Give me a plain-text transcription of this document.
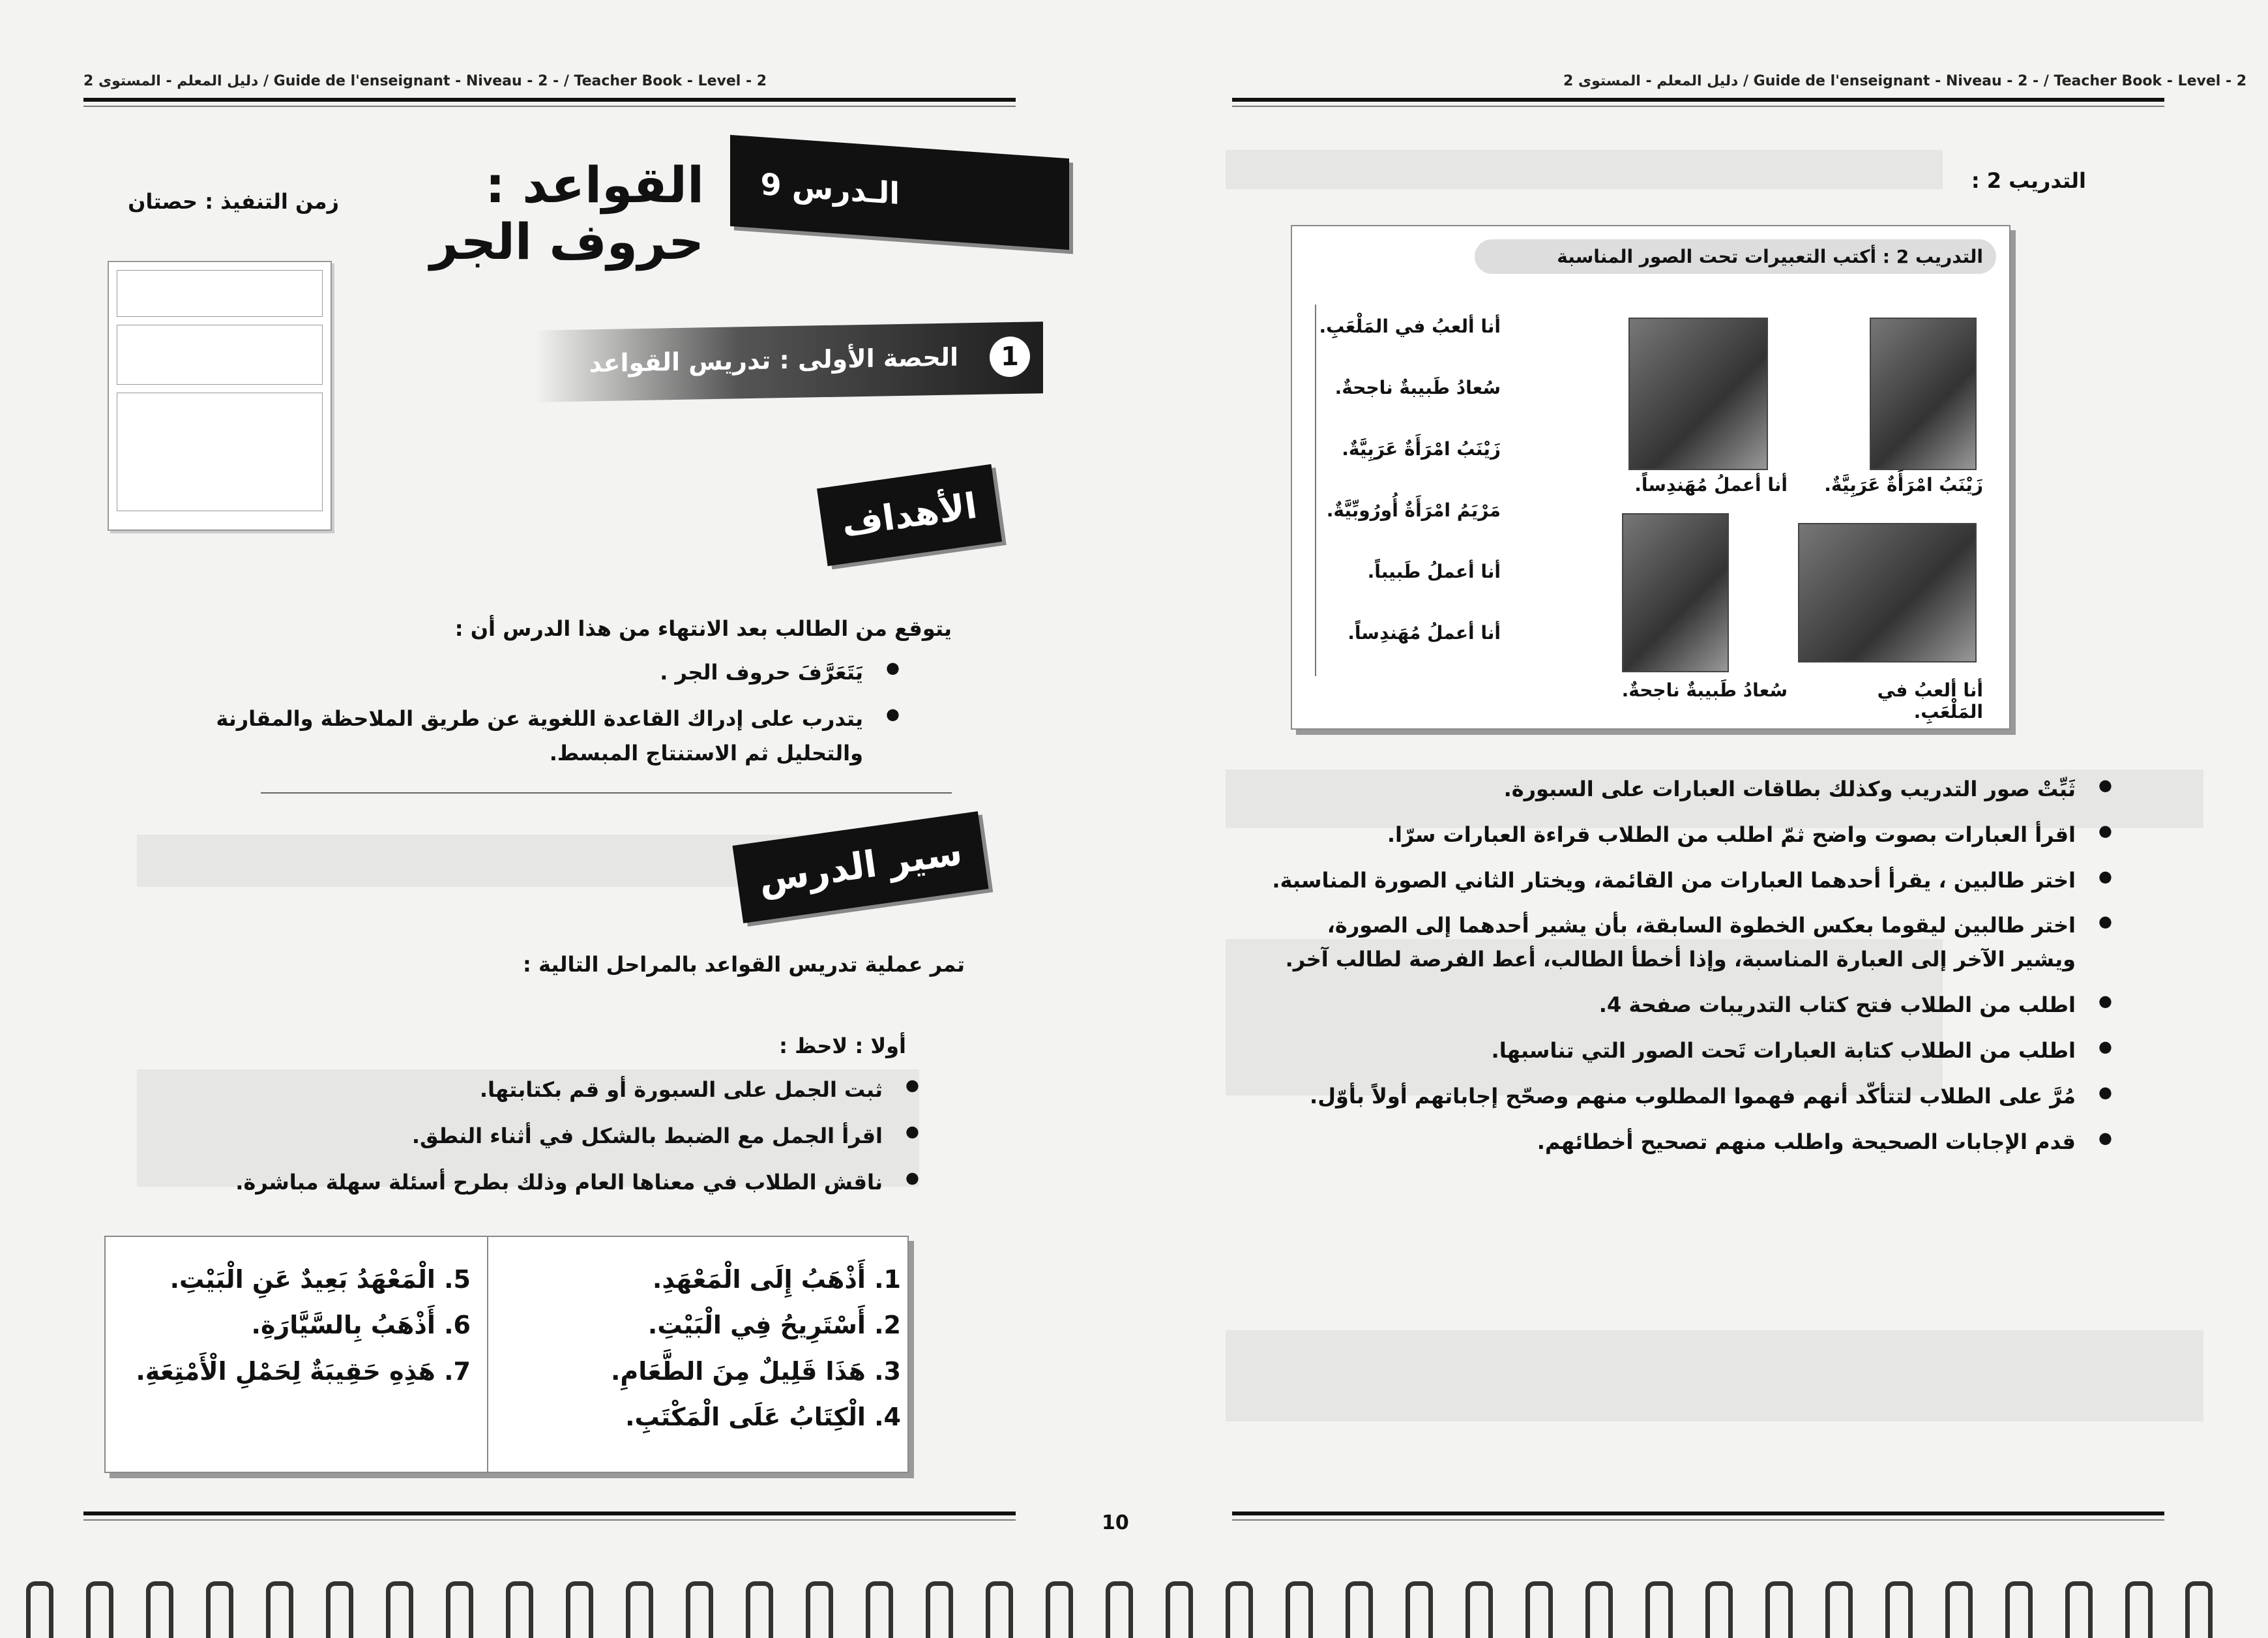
دليل المعلم - المستوى 2 / Guide de l'enseignant - Niveau - 2 - / Teacher Book - Level - 2
الـدرس 9
القواعد :
حروف الجر
زمن التنفيذ : حصتان
الحصة الأولى : تدريس القواعد	1
الأهداف
يتوقع من الطالب بعد الانتهاء من هذا الدرس أن :
● يَتَعَرَّفَ حروف الجر .
● يتدرب على إدراك القاعدة اللغوية عن طريق الملاحظة والمقارنة والتحليل ثم الاستنتاج المبسط.
سير الدرس
تمر عملية تدريس القواعد بالمراحل التالية :
أولا : لاحظ :
● ثبت الجمل على السبورة أو قم بكتابتها.
● اقرأ الجمل مع الضبط بالشكل في أثناء النطق.
● ناقش الطلاب في معناها العام وذلك بطرح أسئلة سهلة مباشرة.
1. أَذْهَبُ إِلَى الْمَعْهَدِ.
2. أَسْتَرِيحُ فِي الْبَيْتِ.
3. هَذَا قَلِيلٌ مِنَ الطَّعَامِ.
4. الْكِتَابُ عَلَى الْمَكْتَبِ.
5. الْمَعْهَدُ بَعِيدٌ عَنِ الْبَيْتِ.
6. أَذْهَبُ بِالسَّيَّارَةِ.
7. هَذِهِ حَقِيبَةٌ لِحَمْلِ الْأَمْتِعَةِ.
10
دليل المعلم - المستوى 2 / Guide de l'enseignant - Niveau - 2 - / Teacher Book - Level - 2
التدريب 2 :
التدريب 2 : أكتب التعبيرات تحت الصور المناسبة
زَيْنَبُ امْرَأَةٌ عَرَبِيَّةٌ.
أنا أعملُ مُهَندِساً.
أنا ألعبُ في المَلْعَبِ.
سُعادُ طَبيبةٌ ناجحةٌ.
أنا ألعبُ في المَلْعَبِ.
سُعادُ طَبيبةٌ ناجحةٌ.
زَيْنَبُ امْرَأَةٌ عَرَبِيَّةٌ.
مَرْيَمُ امْرَأَةٌ أُورُوبِّيَّةٌ.
أنا أعملُ طَبيباً.
أنا أعملُ مُهَندِساً.
● ثَبِّتْ صور التدريب وكذلك بطاقات العبارات على السبورة.
● اقرأ العبارات بصوت واضح ثمّ اطلب من الطلاب قراءة العبارات سرّا.
● اختر طالبين ، يقرأ أحدهما العبارات من القائمة، ويختار الثاني الصورة المناسبة.
● اختر طالبين ليقوما بعكس الخطوة السابقة، بأن يشير أحدهما إلى الصورة، ويشير الآخر إلى العبارة المناسبة، وإذا أخطأ الطالب، أعط الفرصة لطالب آخر.
● اطلب من الطلاب فتح كتاب التدريبات صفحة 4.
● اطلب من الطلاب كتابة العبارات تَحت الصور التي تناسبها.
● مُرَّ على الطلاب لتتأكّد أنهم فهموا المطلوب منهم وصحّح إجاباتهم أولاً بأوّل.
● قدم الإجابات الصحيحة واطلب منهم تصحيح أخطائهم.
